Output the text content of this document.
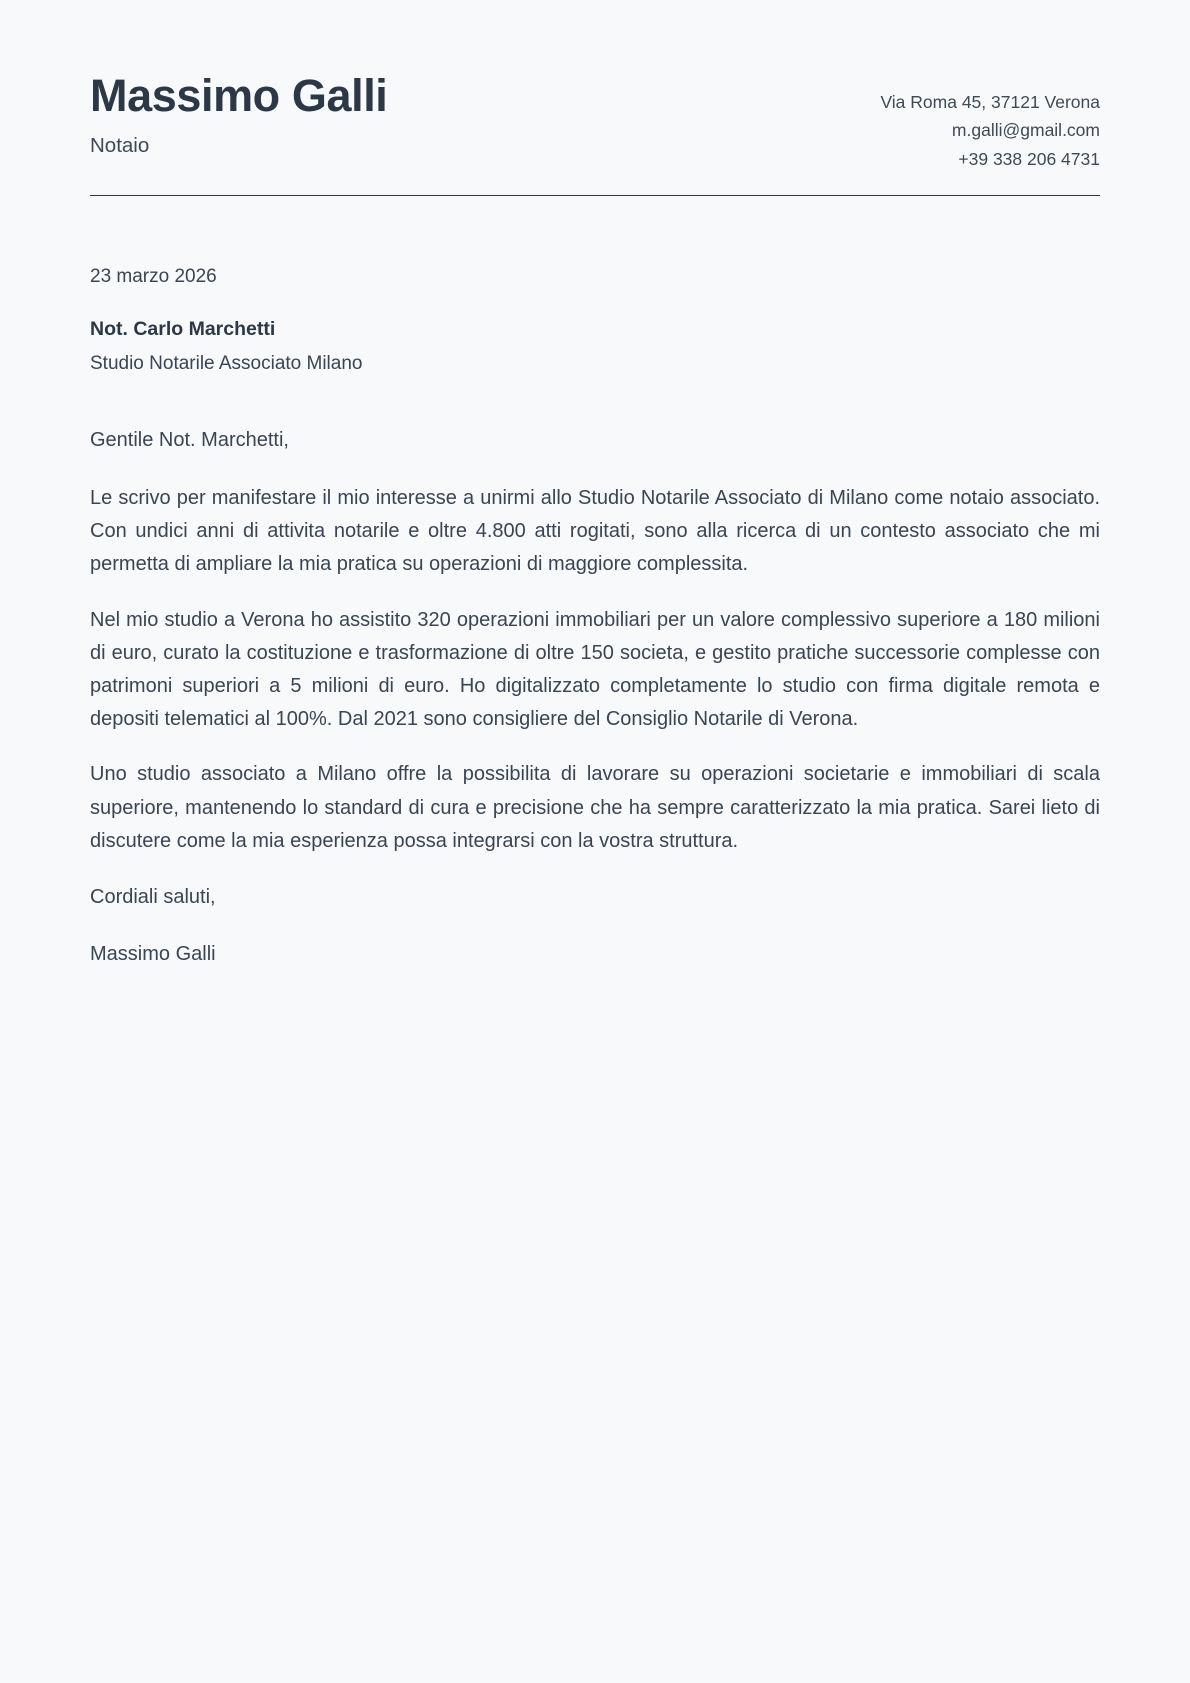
Massimo Galli
Notaio
Via Roma 45, 37121 Verona
m.galli@gmail.com
+39 338 206 4731
23 marzo 2026
Not. Carlo Marchetti
Studio Notarile Associato Milano
Gentile Not. Marchetti,

Le scrivo per manifestare il mio interesse a unirmi allo Studio Notarile Associato di Milano come notaio associato. Con undici anni di attivita notarile e oltre 4.800 atti rogitati, sono alla ricerca di un contesto associato che mi permetta di ampliare la mia pratica su operazioni di maggiore complessita.

Nel mio studio a Verona ho assistito 320 operazioni immobiliari per un valore complessivo superiore a 180 milioni di euro, curato la costituzione e trasformazione di oltre 150 societa, e gestito pratiche successorie complesse con patrimoni superiori a 5 milioni di euro. Ho digitalizzato completamente lo studio con firma digitale remota e depositi telematici al 100%. Dal 2021 sono consigliere del Consiglio Notarile di Verona.

Uno studio associato a Milano offre la possibilita di lavorare su operazioni societarie e immobiliari di scala superiore, mantenendo lo standard di cura e precisione che ha sempre caratterizzato la mia pratica. Sarei lieto di discutere come la mia esperienza possa integrarsi con la vostra struttura.

Cordiali saluti,
Massimo Galli
